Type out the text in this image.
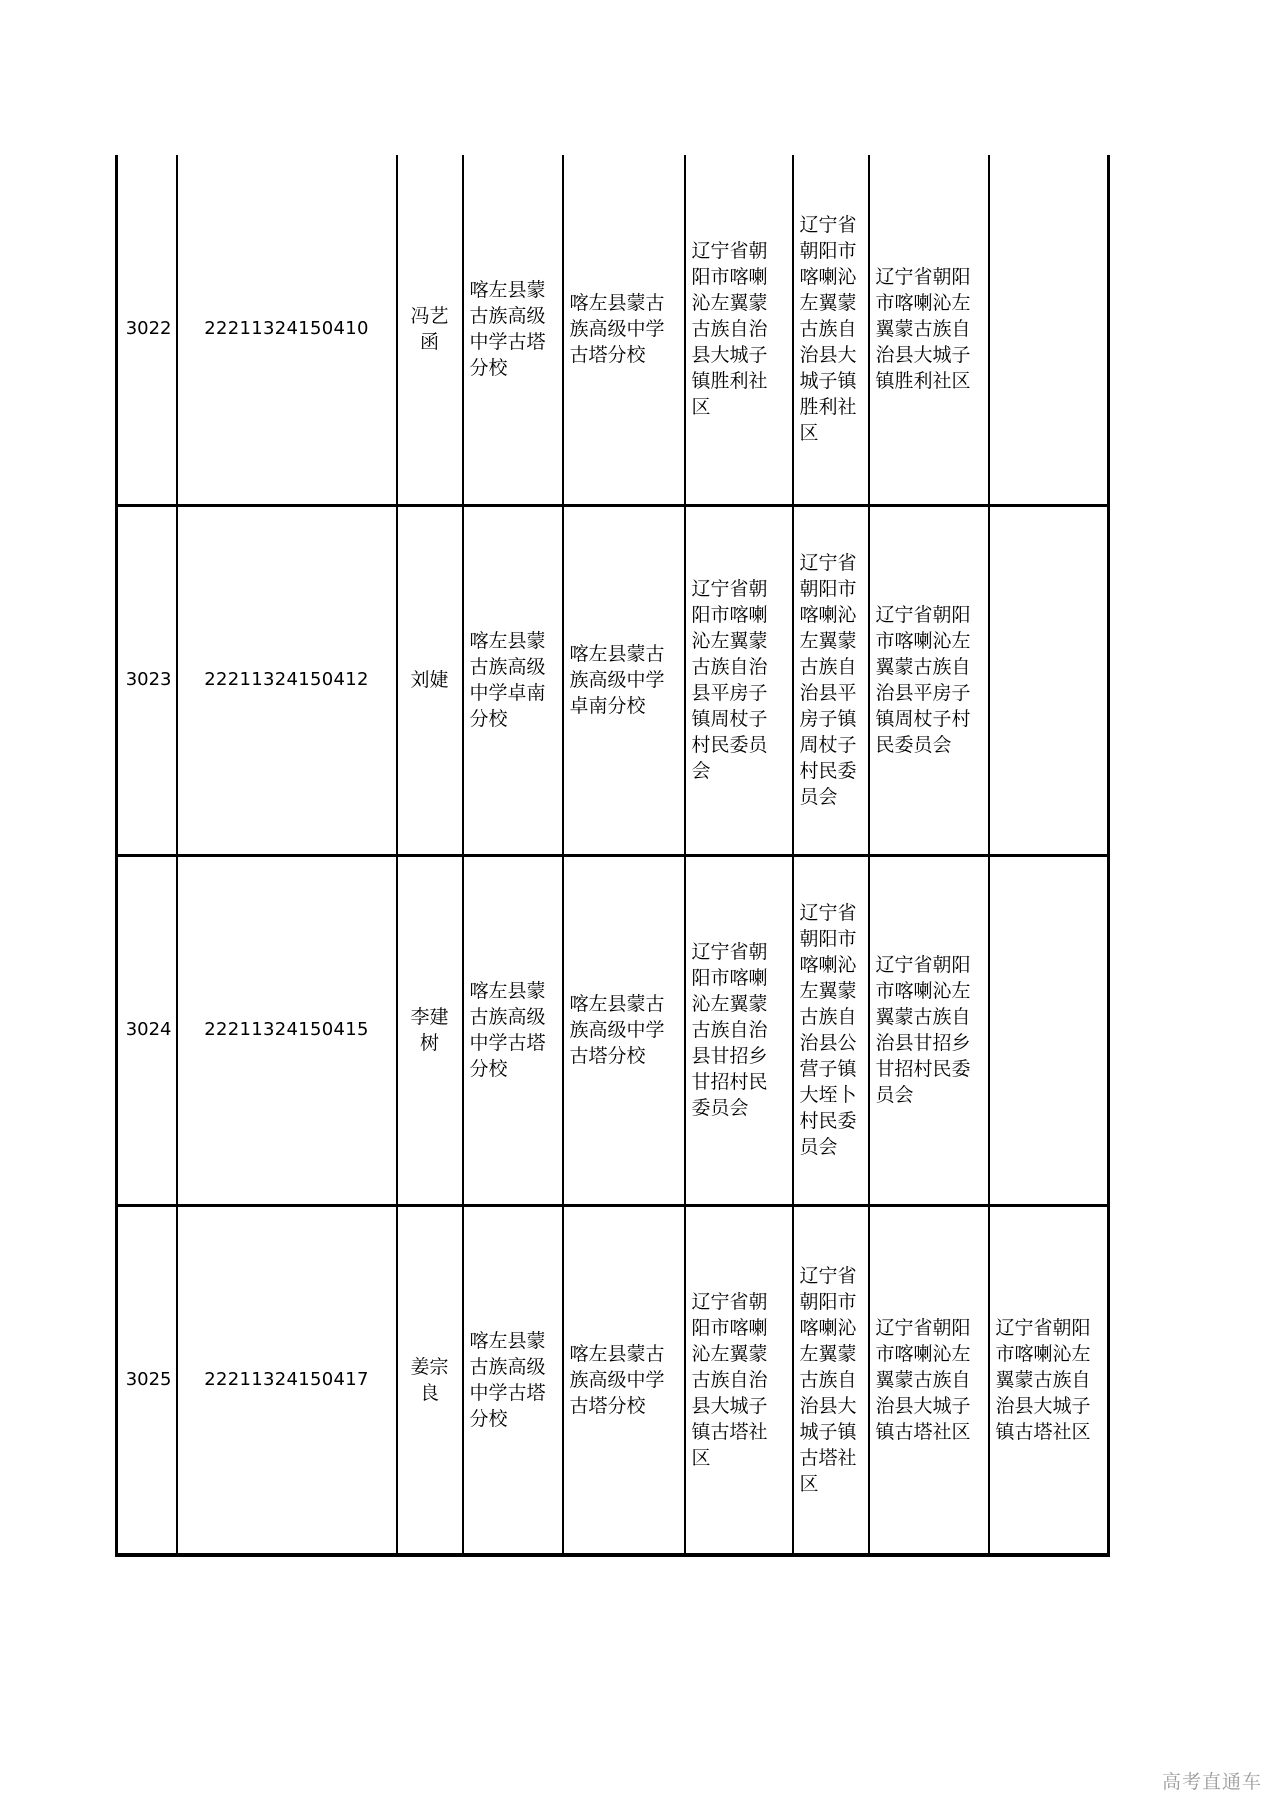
3022	22211324150410	冯艺函	喀左县蒙古族高级中学古塔分校	喀左县蒙古族高级中学古塔分校	辽宁省朝阳市喀喇沁左翼蒙古族自治县大城子镇胜利社区	辽宁省朝阳市喀喇沁左翼蒙古族自治县大城子镇胜利社区	辽宁省朝阳市喀喇沁左翼蒙古族自治县大城子镇胜利社区	
3023	22211324150412	刘婕	喀左县蒙古族高级中学卓南分校	喀左县蒙古族高级中学卓南分校	辽宁省朝阳市喀喇沁左翼蒙古族自治县平房子镇周杖子村民委员会	辽宁省朝阳市喀喇沁左翼蒙古族自治县平房子镇周杖子村民委员会	辽宁省朝阳市喀喇沁左翼蒙古族自治县平房子镇周杖子村民委员会	
3024	22211324150415	李建树	喀左县蒙古族高级中学古塔分校	喀左县蒙古族高级中学古塔分校	辽宁省朝阳市喀喇沁左翼蒙古族自治县甘招乡甘招村民委员会	辽宁省朝阳市喀喇沁左翼蒙古族自治县公营子镇大垤卜村民委员会	辽宁省朝阳市喀喇沁左翼蒙古族自治县甘招乡甘招村民委员会	
3025	22211324150417	姜宗良	喀左县蒙古族高级中学古塔分校	喀左县蒙古族高级中学古塔分校	辽宁省朝阳市喀喇沁左翼蒙古族自治县大城子镇古塔社区	辽宁省朝阳市喀喇沁左翼蒙古族自治县大城子镇古塔社区	辽宁省朝阳市喀喇沁左翼蒙古族自治县大城子镇古塔社区	辽宁省朝阳市喀喇沁左翼蒙古族自治县大城子镇古塔社区
高考直通车
